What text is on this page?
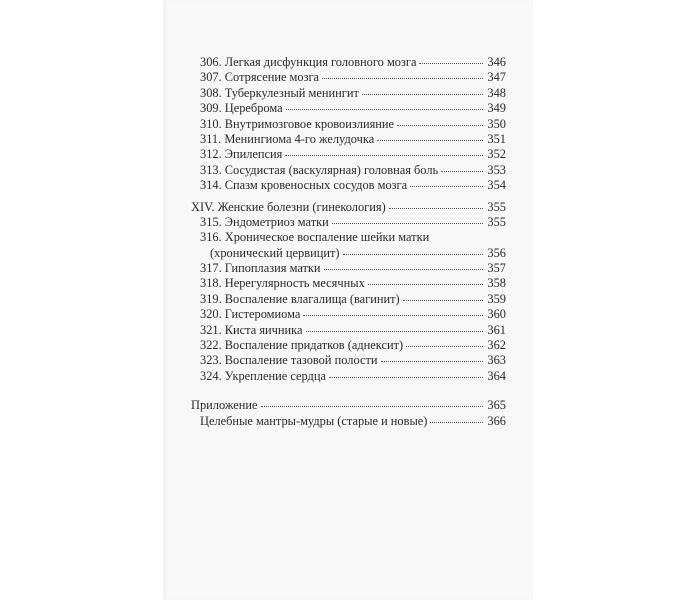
306. Легкая дисфункция головного мозга	346
307. Сотрясение мозга	347
308. Туберкулезный менингит	348
309. Цереброма	349
310. Внутримозговое кровоизлияние	350
311. Менингиома 4-го желудочка	351
312. Эпилепсия	352
313. Сосудистая (васкулярная) головная боль	353
314. Спазм кровеносных сосудов мозга	354
XIV. Женские болезни (гинекология)	355
315. Эндометриоз матки	355
316. Хроническое воспаление шейки матки
(хронический цервицит)	356
317. Гипоплазия матки	357
318. Нерегулярность месячных	358
319. Воспаление влагалища (вагинит)	359
320. Гистеромиома	360
321. Киста яичника	361
322. Воспаление придатков (аднексит)	362
323. Воспаление тазовой полости	363
324. Укрепление сердца	364
Приложение	365
Целебные мантры-мудры (старые и новые)	366
